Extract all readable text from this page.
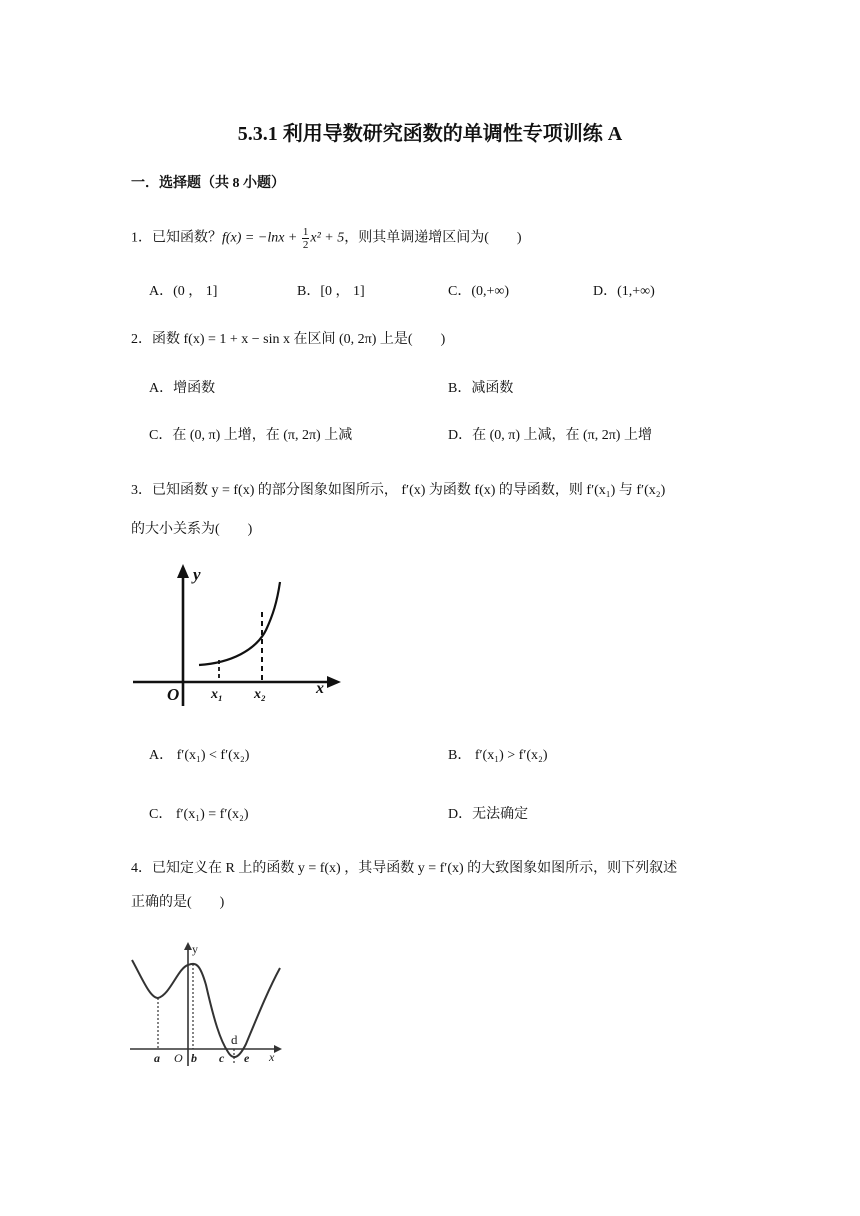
5.3.1 利用导数研究函数的单调性专项训练 A
一．选择题（共 8 小题）
1．已知函数？$f(x) = -\ln x + \frac{1}{2} x^2 + 5$，则其单调递增区间为(　　)
A．(0 ， 1]	B．[0 ， 1]	C．(0,+∞)	D．(1,+∞)
2．函数 f(x) = 1 + x − sin x 在区间 (0, 2π) 上是(　　)
A．增函数	B．减函数
C．在 (0, π) 上增，在 (π, 2π) 上减	D．在 (0, π) 上减，在 (π, 2π) 上增
3．已知函数 y = f(x) 的部分图象如图所示， f′(x) 为函数 f(x) 的导函数，则 f′(x₁) 与 f′(x₂)
的大小关系为(　　)
y
x
O x₁ x₂
A． f′(x₁) < f′(x₂)	B． f′(x₁) > f′(x₂)
C． f′(x₁) = f′(x₂)	D．无法确定
4．已知定义在 R 上的函数 y = f(x) ，其导函数 y = f′(x) 的大致图象如图所示，则下列叙述
正确的是(　　)
y
x
O
a	b c
d
e
